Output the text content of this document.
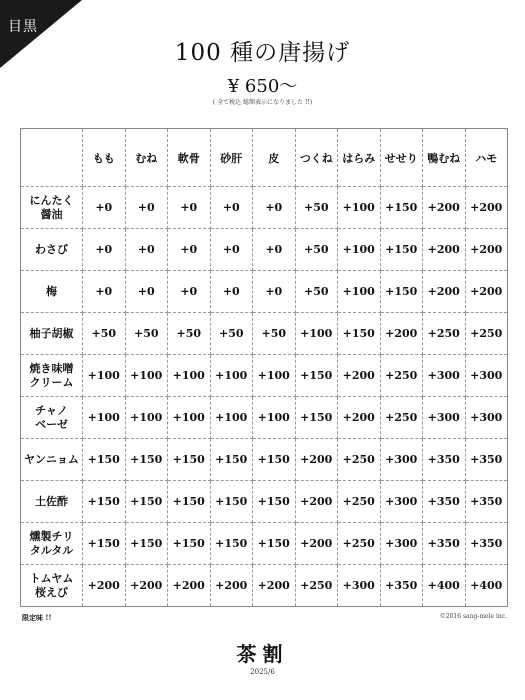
目黒
100 種の唐揚げ
¥ 650～
( 全て税込 総額表示になりました !!)
	もも	むね	軟骨	砂肝	皮	つくね	はらみ	せせり	鴨むね	ハモ

にんたく
醤油	+0	+0	+0	+0	+0	+50	+100	+150	+200	+200

わさび	+0	+0	+0	+0	+0	+50	+100	+150	+200	+200

梅	+0	+0	+0	+0	+0	+50	+100	+150	+200	+200

柚子胡椒	+50	+50	+50	+50	+50	+100	+150	+200	+250	+250

焼き味噌
クリーム	+100	+100	+100	+100	+100	+150	+200	+250	+300	+300

チャノ
ベーゼ	+100	+100	+100	+100	+100	+150	+200	+250	+300	+300

ヤンニョム	+150	+150	+150	+150	+150	+200	+250	+300	+350	+350

土佐酢	+150	+150	+150	+150	+150	+200	+250	+300	+350	+350

燻製チリ
タルタル	+150	+150	+150	+150	+150	+200	+250	+300	+350	+350

トムヤム
桜えび	+200	+200	+200	+200	+200	+250	+300	+350	+400	+400
限定味 !!	©2016 sang-mele inc.
茶割
2025/6
